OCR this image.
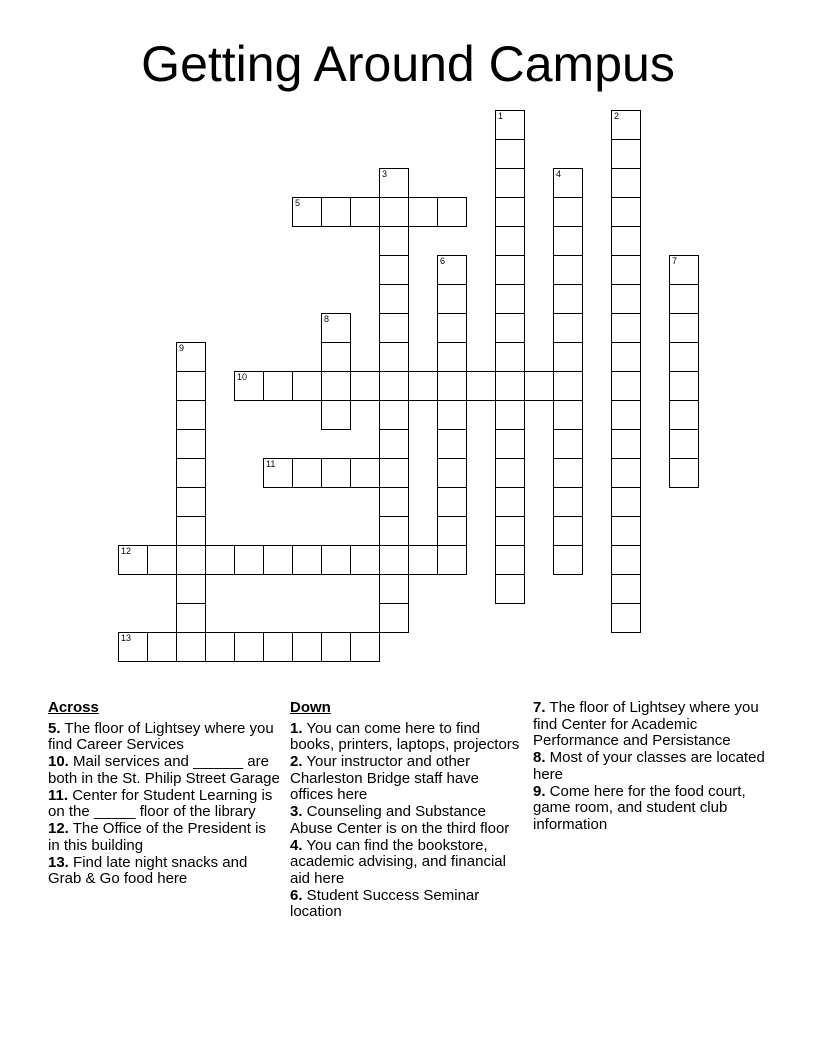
Getting Around Campus
1	2
3	4
5
6	7
8
9
10
11
12
13
Across
5. The floor of Lightsey where you find Career Services
10. Mail services and ______ are both in the St. Philip Street Garage
11. Center for Student Learning is on the _____ floor of the library
12. The Office of the President is in this building
13. Find late night snacks and Grab & Go food here
Down
1. You can come here to find books, printers, laptops, projectors
2. Your instructor and other Charleston Bridge staff have offices here
3. Counseling and Substance Abuse Center is on the third floor
4. You can find the bookstore, academic advising, and financial aid here
6. Student Success Seminar location
7. The floor of Lightsey where you find Center for Academic Performance and Persistance
8. Most of your classes are located here
9. Come here for the food court, game room, and student club information
